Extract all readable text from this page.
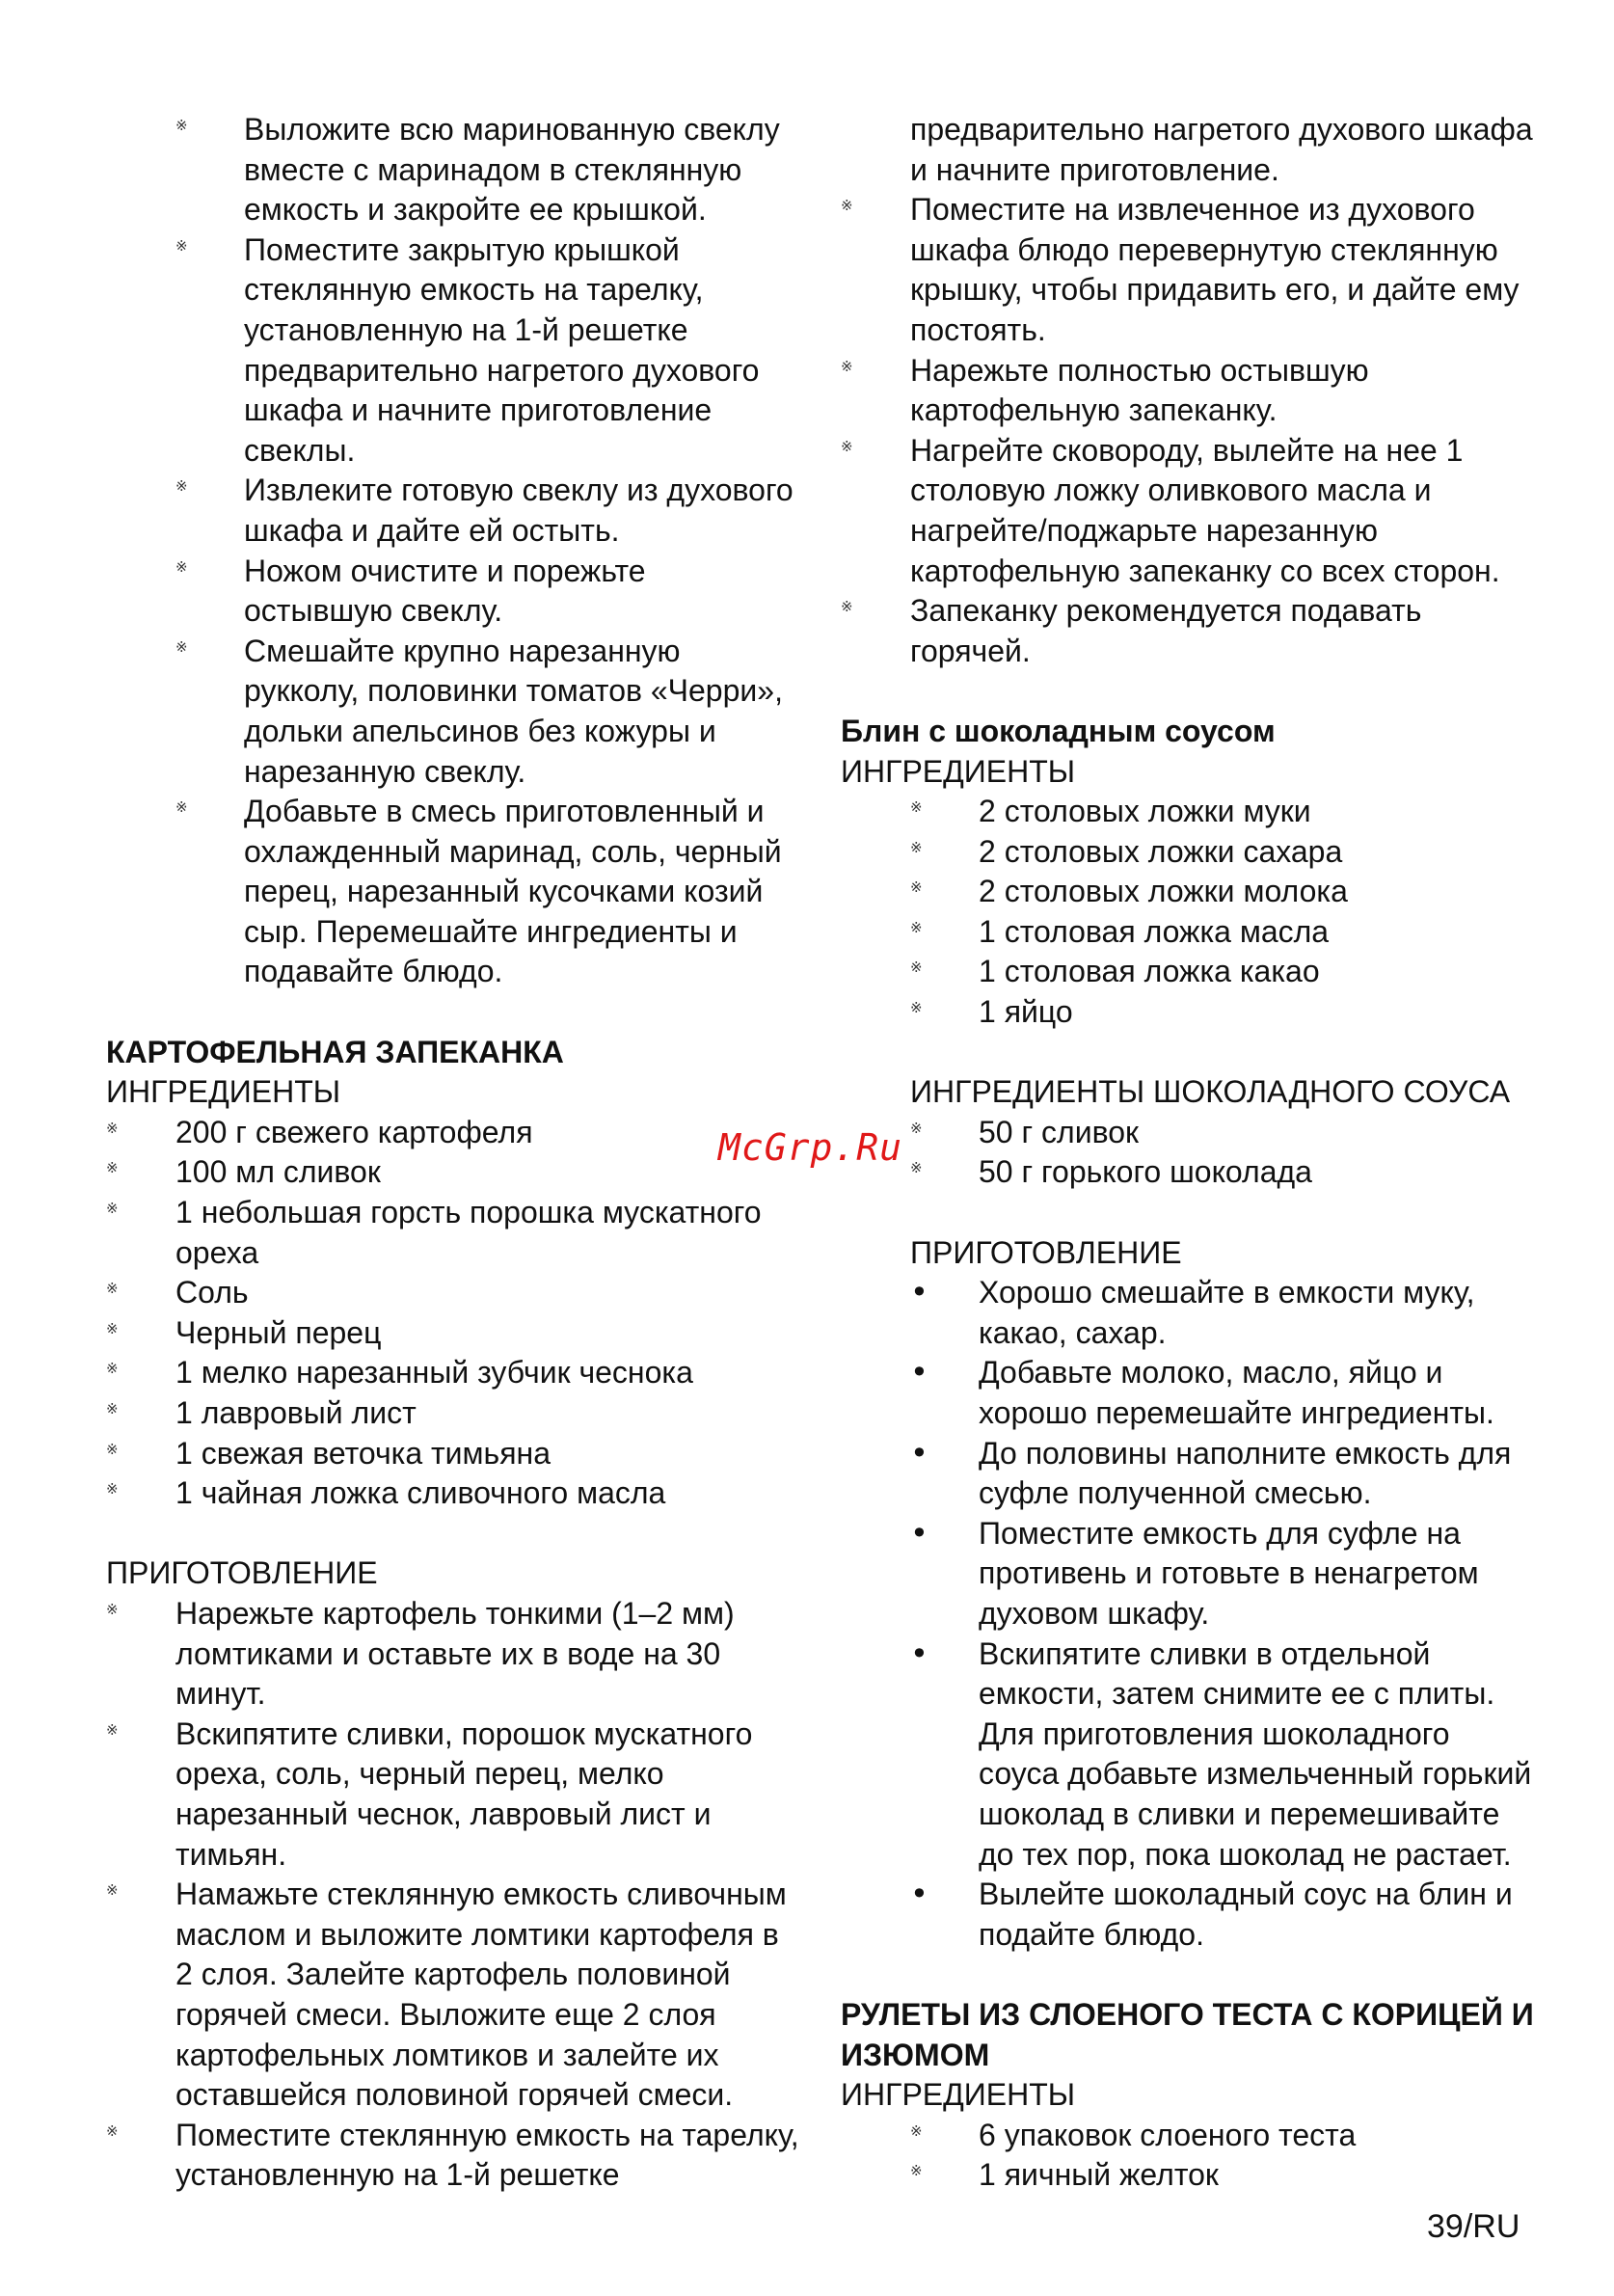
※ Выложите всю маринованную свеклу вместе с маринадом в стеклянную емкость и закройте ее крышкой.
※ Поместите закрытую крышкой стеклянную емкость на тарелку, установленную на 1-й решетке предварительно нагретого духового шкафа и начните приготовление свеклы.
※ Извлеките готовую свеклу из духового шкафа и дайте ей остыть.
※ Ножом очистите и порежьте остывшую свеклу.
※ Смешайте крупно нарезанную рукколу, половинки томатов «Черри», дольки апельсинов без кожуры и нарезанную свеклу.
※ Добавьте в смесь приготовленный и охлажденный маринад, соль, черный перец, нарезанный кусочками козий сыр. Перемешайте ингредиенты и подавайте блюдо.
КАРТОФЕЛЬНАЯ ЗАПЕКАНКА
ИНГРЕДИЕНТЫ
※ 200 г свежего картофеля
※ 100 мл сливок
※ 1 небольшая горсть порошка мускатного ореха
※ Соль
※ Черный перец
※ 1 мелко нарезанный зубчик чеснока
※ 1 лавровый лист
※ 1 свежая веточка тимьяна
※ 1 чайная ложка сливочного масла
ПРИГОТОВЛЕНИЕ
※ Нарежьте картофель тонкими (1–2 мм) ломтиками и оставьте их в воде на 30 минут.
※ Вскипятите сливки, порошок мускатного ореха, соль, черный перец, мелко нарезанный чеснок, лавровый лист и тимьян.
※ Намажьте стеклянную емкость сливочным маслом и выложите ломтики картофеля в 2 слоя. Залейте картофель половиной горячей смеси. Выложите еще 2 слоя картофельных ломтиков и залейте их оставшейся половиной горячей смеси.
※ Поместите стеклянную емкость на тарелку, установленную на 1-й решетке
предварительно нагретого духового шкафа и начните приготовление.
※ Поместите на извлеченное из духового шкафа блюдо перевернутую стеклянную крышку, чтобы придавить его, и дайте ему постоять.
※ Нарежьте полностью остывшую картофельную запеканку.
※ Нагрейте сковороду, вылейте на нее 1 столовую ложку оливкового масла и нагрейте/поджарьте нарезанную картофельную запеканку со всех сторон.
※ Запеканку рекомендуется подавать горячей.
Блин с шоколадным соусом
ИНГРЕДИЕНТЫ
※ 2 столовых ложки муки
※ 2 столовых ложки сахара
※ 2 столовых ложки молока
※ 1 столовая ложка масла
※ 1 столовая ложка какао
※ 1 яйцо
ИНГРЕДИЕНТЫ ШОКОЛАДНОГО СОУСА
※ 50 г сливок
※ 50 г горького шоколада
ПРИГОТОВЛЕНИЕ
• Хорошо смешайте в емкости муку, какао, сахар.
• Добавьте молоко, масло, яйцо и хорошо перемешайте ингредиенты.
• До половины наполните емкость для суфле полученной смесью.
• Поместите емкость для суфле на противень и готовьте в ненагретом духовом шкафу.
• Вскипятите сливки в отдельной емкости, затем снимите ее с плиты. Для приготовления шоколадного соуса добавьте измельченный горький шоколад в сливки и перемешивайте до тех пор, пока шоколад не растает.
• Вылейте шоколадный соус на блин и подайте блюдо.
РУЛЕТЫ ИЗ СЛОЕНОГО ТЕСТА С КОРИЦЕЙ И ИЗЮМОМ
ИНГРЕДИЕНТЫ
※ 6 упаковок слоеного теста
※ 1 яичный желток
McGrp.Ru
39/RU
